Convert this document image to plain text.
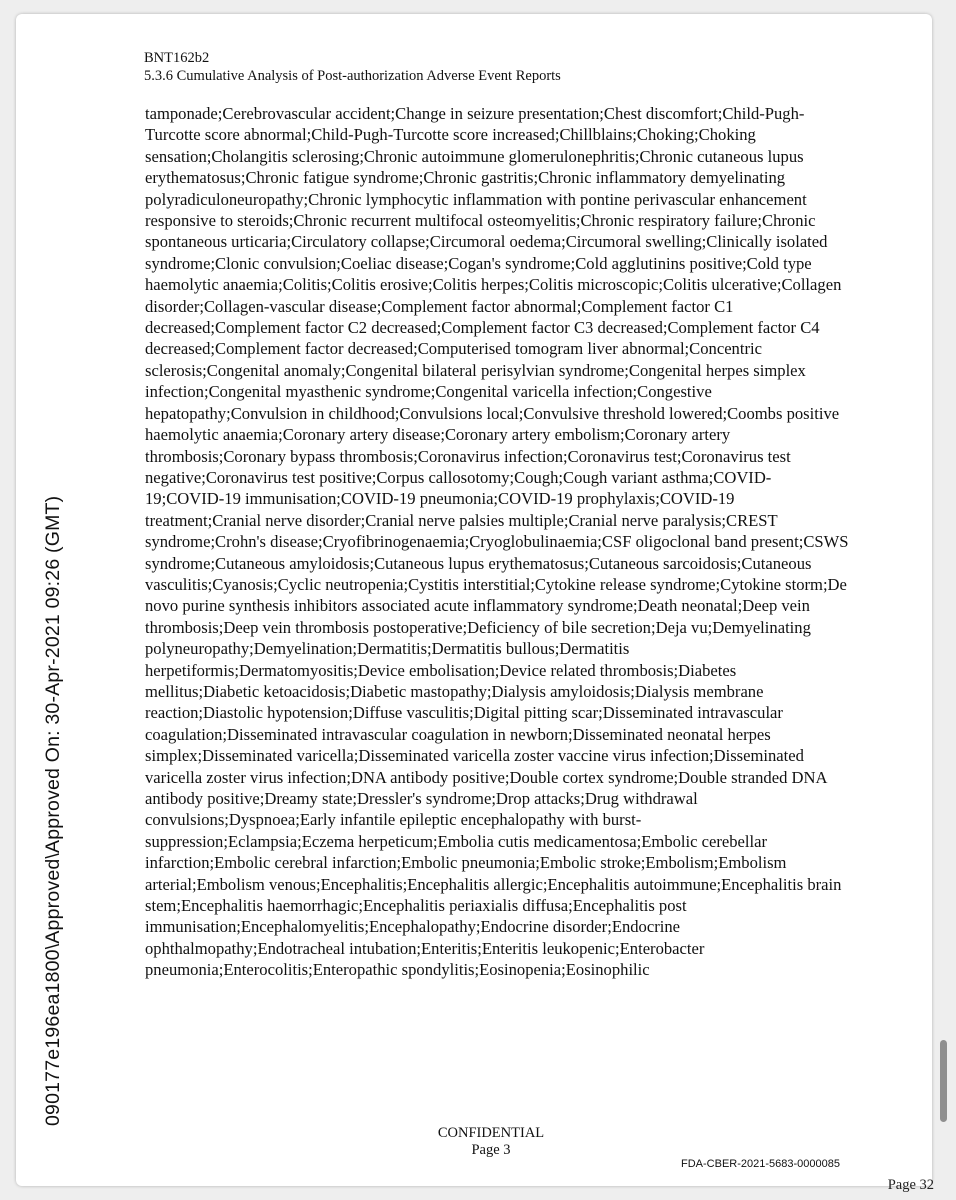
BNT162b2
5.3.6 Cumulative Analysis of Post-authorization Adverse Event Reports
tamponade;Cerebrovascular accident;Change in seizure presentation;Chest discomfort;Child-Pugh-Turcotte score abnormal;Child-Pugh-Turcotte score increased;Chillblains;Choking;Choking sensation;Cholangitis sclerosing;Chronic autoimmune glomerulonephritis;Chronic cutaneous lupus erythematosus;Chronic fatigue syndrome;Chronic gastritis;Chronic inflammatory demyelinating polyradiculoneuropathy;Chronic lymphocytic inflammation with pontine perivascular enhancement responsive to steroids;Chronic recurrent multifocal osteomyelitis;Chronic respiratory failure;Chronic spontaneous urticaria;Circulatory collapse;Circumoral oedema;Circumoral swelling;Clinically isolated syndrome;Clonic convulsion;Coeliac disease;Cogan's syndrome;Cold agglutinins positive;Cold type haemolytic anaemia;Colitis;Colitis erosive;Colitis herpes;Colitis microscopic;Colitis ulcerative;Collagen disorder;Collagen-vascular disease;Complement factor abnormal;Complement factor C1 decreased;Complement factor C2 decreased;Complement factor C3 decreased;Complement factor C4 decreased;Complement factor decreased;Computerised tomogram liver abnormal;Concentric sclerosis;Congenital anomaly;Congenital bilateral perisylvian syndrome;Congenital herpes simplex infection;Congenital myasthenic syndrome;Congenital varicella infection;Congestive hepatopathy;Convulsion in childhood;Convulsions local;Convulsive threshold lowered;Coombs positive haemolytic anaemia;Coronary artery disease;Coronary artery embolism;Coronary artery thrombosis;Coronary bypass thrombosis;Coronavirus infection;Coronavirus test;Coronavirus test negative;Coronavirus test positive;Corpus callosotomy;Cough;Cough variant asthma;COVID-19;COVID-19 immunisation;COVID-19 pneumonia;COVID-19 prophylaxis;COVID-19 treatment;Cranial nerve disorder;Cranial nerve palsies multiple;Cranial nerve paralysis;CREST syndrome;Crohn's disease;Cryofibrinogenaemia;Cryoglobulinaemia;CSF oligoclonal band present;CSWS syndrome;Cutaneous amyloidosis;Cutaneous lupus erythematosus;Cutaneous sarcoidosis;Cutaneous vasculitis;Cyanosis;Cyclic neutropenia;Cystitis interstitial;Cytokine release syndrome;Cytokine storm;De novo purine synthesis inhibitors associated acute inflammatory syndrome;Death neonatal;Deep vein thrombosis;Deep vein thrombosis postoperative;Deficiency of bile secretion;Deja vu;Demyelinating polyneuropathy;Demyelination;Dermatitis;Dermatitis bullous;Dermatitis herpetiformis;Dermatomyositis;Device embolisation;Device related thrombosis;Diabetes mellitus;Diabetic ketoacidosis;Diabetic mastopathy;Dialysis amyloidosis;Dialysis membrane reaction;Diastolic hypotension;Diffuse vasculitis;Digital pitting scar;Disseminated intravascular coagulation;Disseminated intravascular coagulation in newborn;Disseminated neonatal herpes simplex;Disseminated varicella;Disseminated varicella zoster vaccine virus infection;Disseminated varicella zoster virus infection;DNA antibody positive;Double cortex syndrome;Double stranded DNA antibody positive;Dreamy state;Dressler's syndrome;Drop attacks;Drug withdrawal convulsions;Dyspnoea;Early infantile epileptic encephalopathy with burst-suppression;Eclampsia;Eczema herpeticum;Embolia cutis medicamentosa;Embolic cerebellar infarction;Embolic cerebral infarction;Embolic pneumonia;Embolic stroke;Embolism;Embolism arterial;Embolism venous;Encephalitis;Encephalitis allergic;Encephalitis autoimmune;Encephalitis brain stem;Encephalitis haemorrhagic;Encephalitis periaxialis diffusa;Encephalitis post immunisation;Encephalomyelitis;Encephalopathy;Endocrine disorder;Endocrine ophthalmopathy;Endotracheal intubation;Enteritis;Enteritis leukopenic;Enterobacter pneumonia;Enterocolitis;Enteropathic spondylitis;Eosinopenia;Eosinophilic
090177e196ea1800\Approved\Approved On: 30-Apr-2021 09:26 (GMT)
CONFIDENTIAL
Page 3
FDA-CBER-2021-5683-0000085
Page 32
